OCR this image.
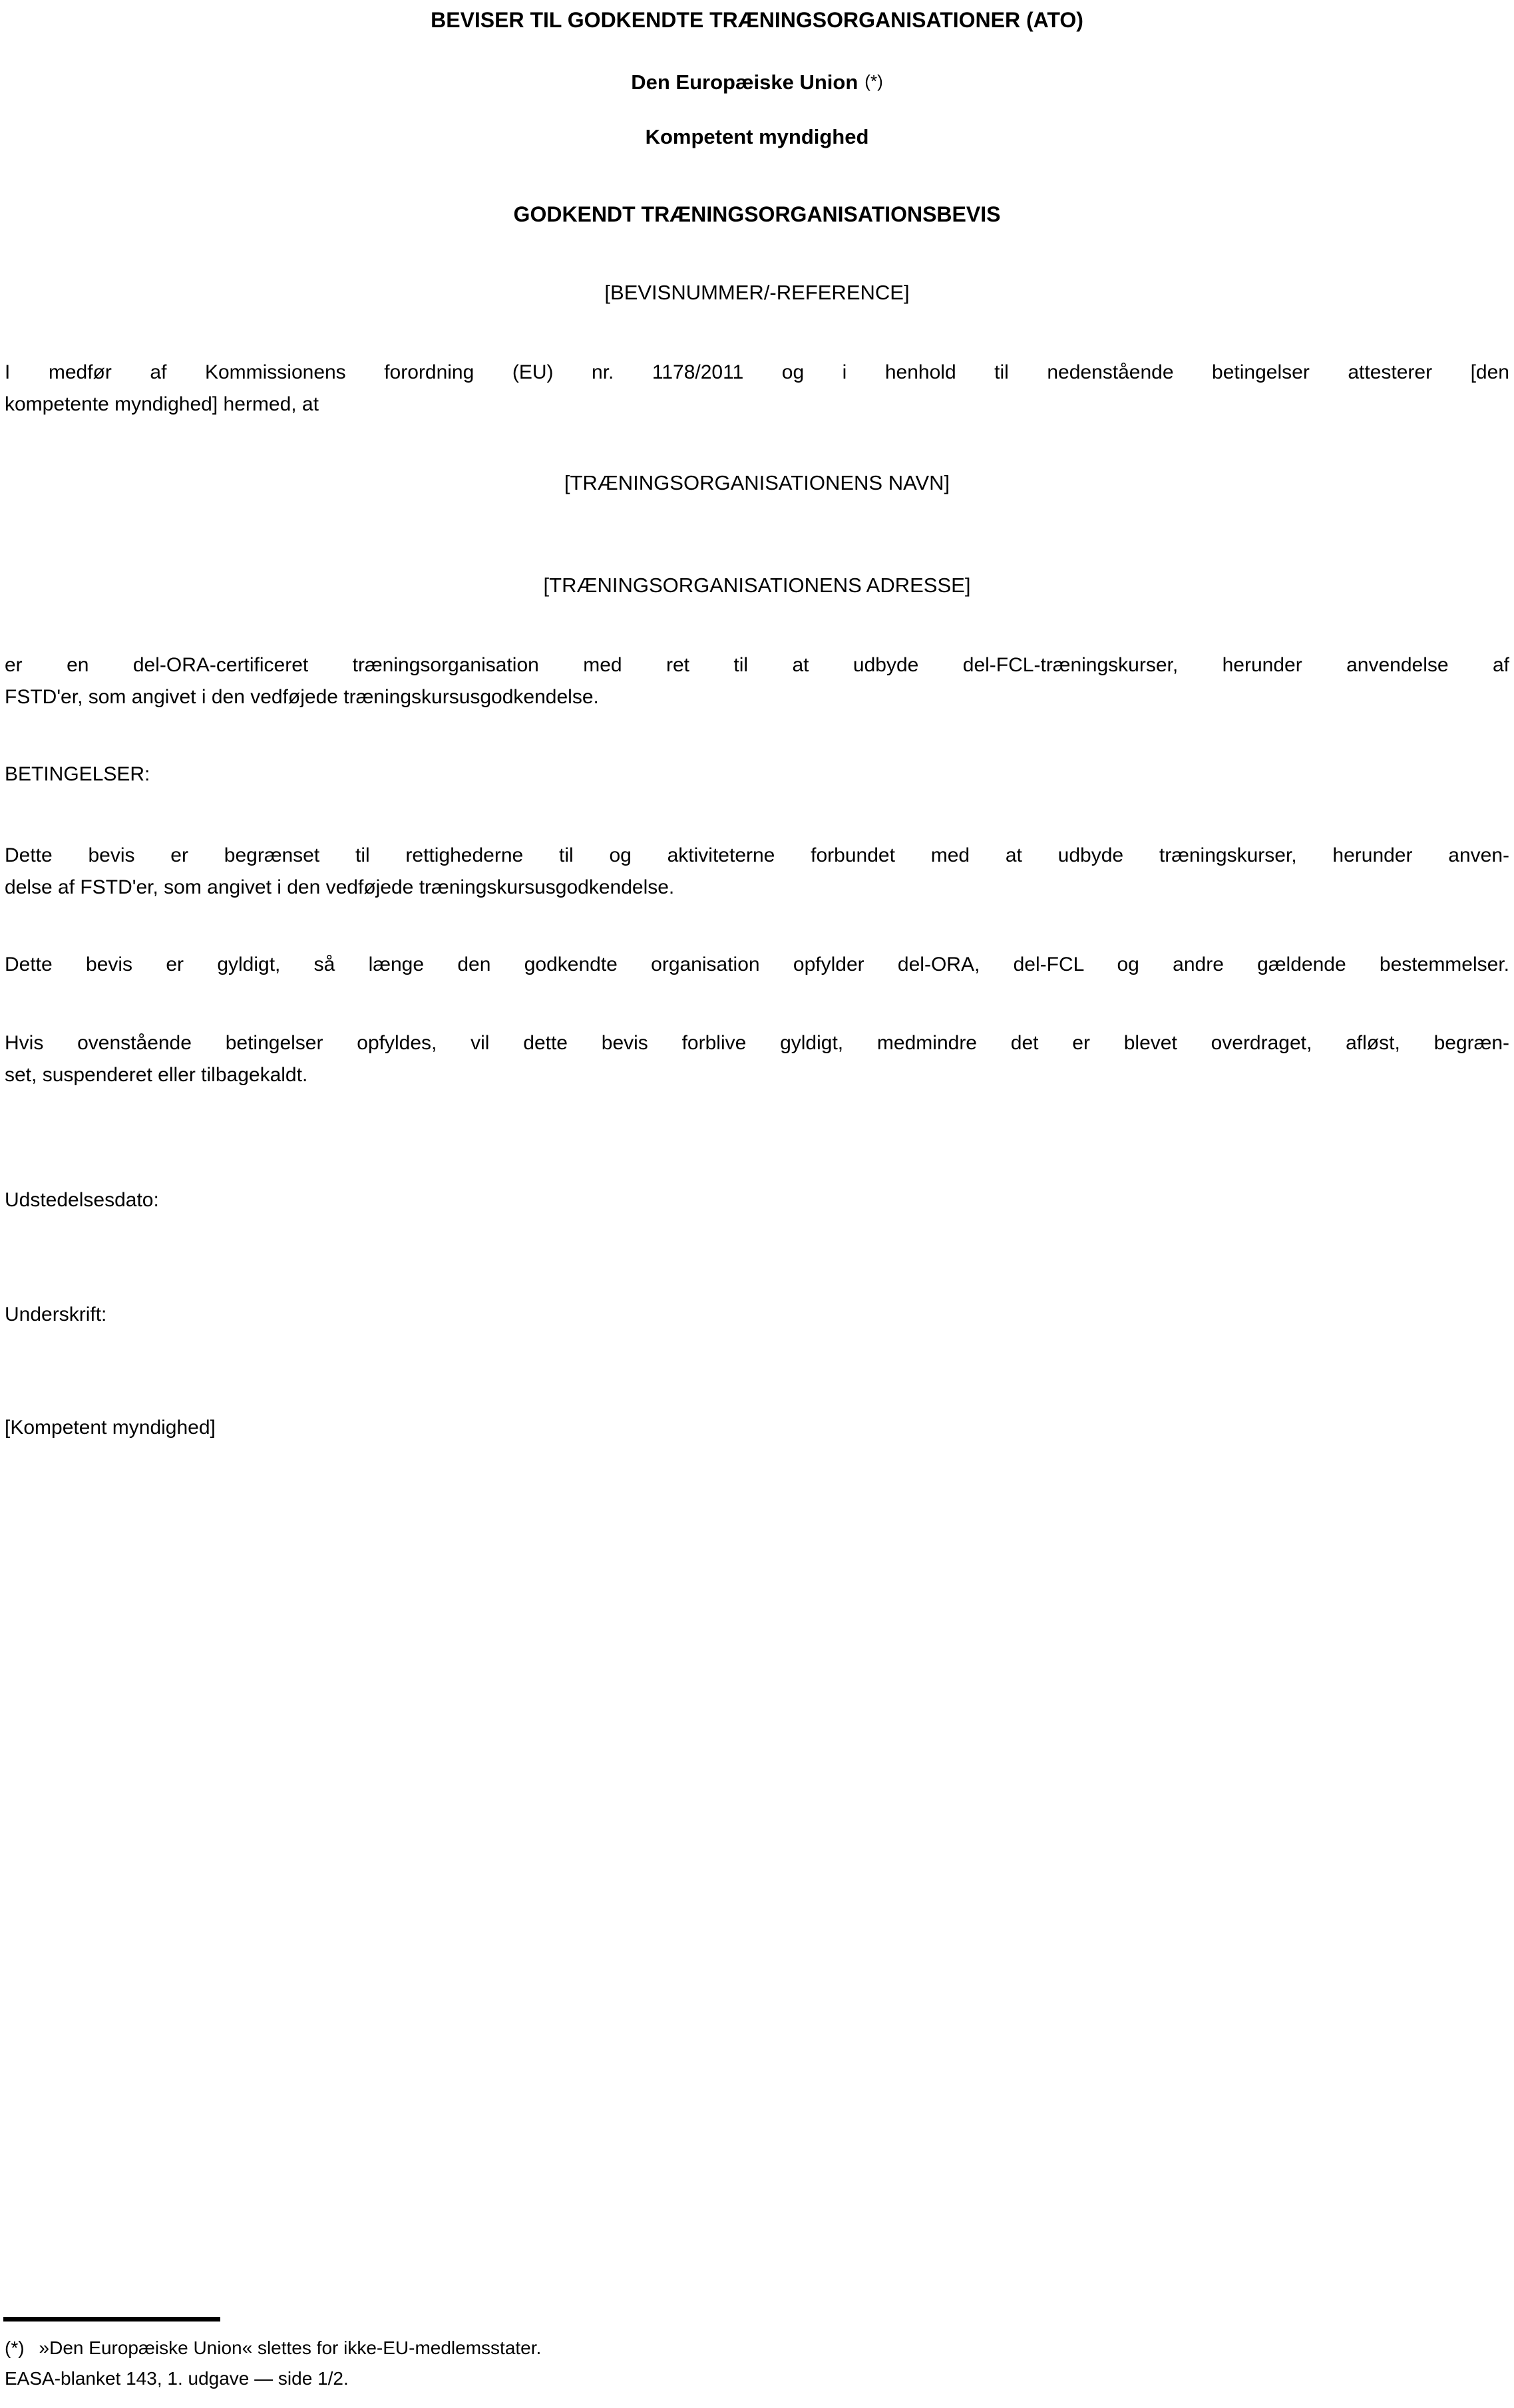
BEVISER TIL GODKENDTE TRÆNINGSORGANISATIONER (ATO)
Den Europæiske Union (*)
Kompetent myndighed
GODKENDT TRÆNINGSORGANISATIONSBEVIS
[BEVISNUMMER/-REFERENCE]
I medfør af Kommissionens forordning (EU) nr. 1178/2011 og i henhold til nedenstående betingelser attesterer [den
kompetente myndighed] hermed, at
[TRÆNINGSORGANISATIONENS NAVN]
[TRÆNINGSORGANISATIONENS ADRESSE]
er en del-ORA-certificeret træningsorganisation med ret til at udbyde del-FCL-træningskurser, herunder anvendelse af
FSTD'er, som angivet i den vedføjede træningskursusgodkendelse.
BETINGELSER:
Dette bevis er begrænset til rettighederne til og aktiviteterne forbundet med at udbyde træningskurser, herunder anven-
delse af FSTD'er, som angivet i den vedføjede træningskursusgodkendelse.
Dette bevis er gyldigt, så længe den godkendte organisation opfylder del-ORA, del-FCL og andre gældende bestemmelser.
Hvis ovenstående betingelser opfyldes, vil dette bevis forblive gyldigt, medmindre det er blevet overdraget, afløst, begræn-
set, suspenderet eller tilbagekaldt.
Udstedelsesdato:
Underskrift:
[Kompetent myndighed]
(*) »Den Europæiske Union« slettes for ikke-EU-medlemsstater.
EASA-blanket 143, 1. udgave — side 1/2.
